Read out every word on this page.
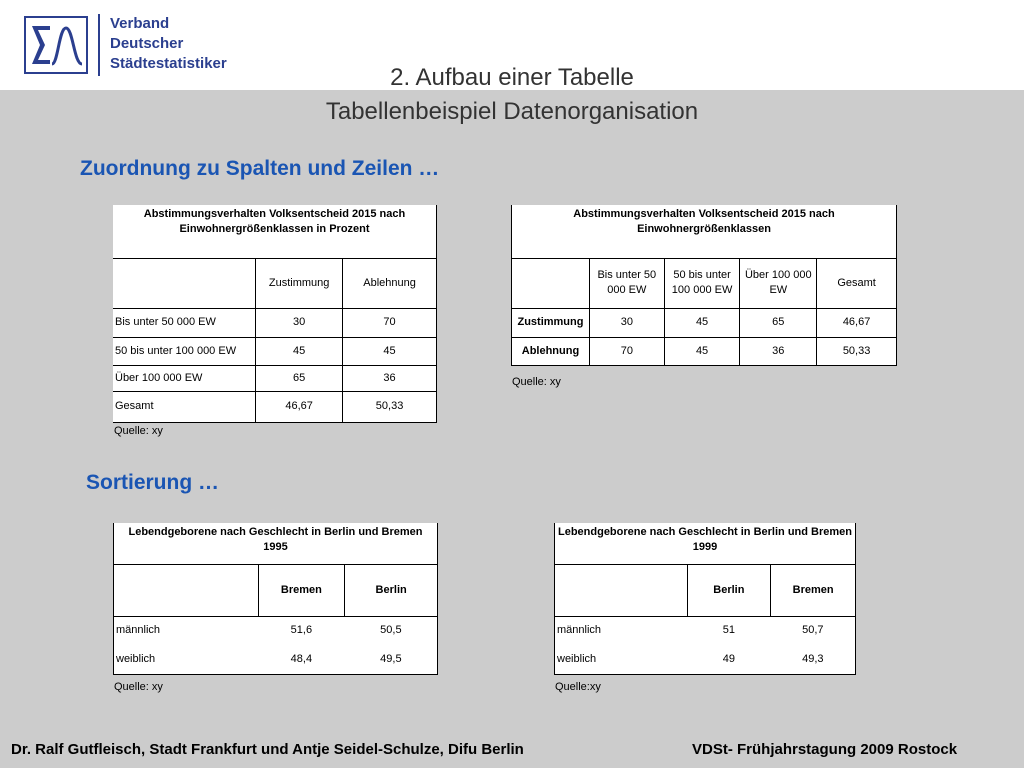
Verband
Deutscher
Städtestatistiker
2. Aufbau einer Tabelle
Tabellenbeispiel Datenorganisation
Zuordnung zu Spalten und Zeilen …
Abstimmungsverhalten Volksentscheid 2015 nach Einwohnergrößenklassen in Prozent		
	Zustimmung	Ablehnung
Bis unter 50 000 EW	30	70
50 bis unter 100 000 EW	45	45
Über 100 000 EW	65	36
Gesamt	46,67	50,33
Quelle: xy
Abstimmungsverhalten Volksentscheid 2015 nach Einwohnergrößenklassen				
	Bis unter 50 000 EW	50 bis unter 100 000 EW	Über 100 000 EW	Gesamt
Zustimmung	30	45	65	46,67
Ablehnung	70	45	36	50,33
Quelle: xy
Sortierung …
Lebendgeborene nach Geschlecht in Berlin und Bremen 1995		
	Bremen	Berlin
männlich	51,6	50,5
weiblich	48,4	49,5
Quelle: xy
Lebendgeborene nach Geschlecht in Berlin und Bremen 1999		
	Berlin	Bremen
männlich	51	50,7
weiblich	49	49,3
Quelle:xy
Dr. Ralf Gutfleisch, Stadt Frankfurt und Antje Seidel-Schulze, Difu Berlin	VDSt- Frühjahrstagung 2009 Rostock
